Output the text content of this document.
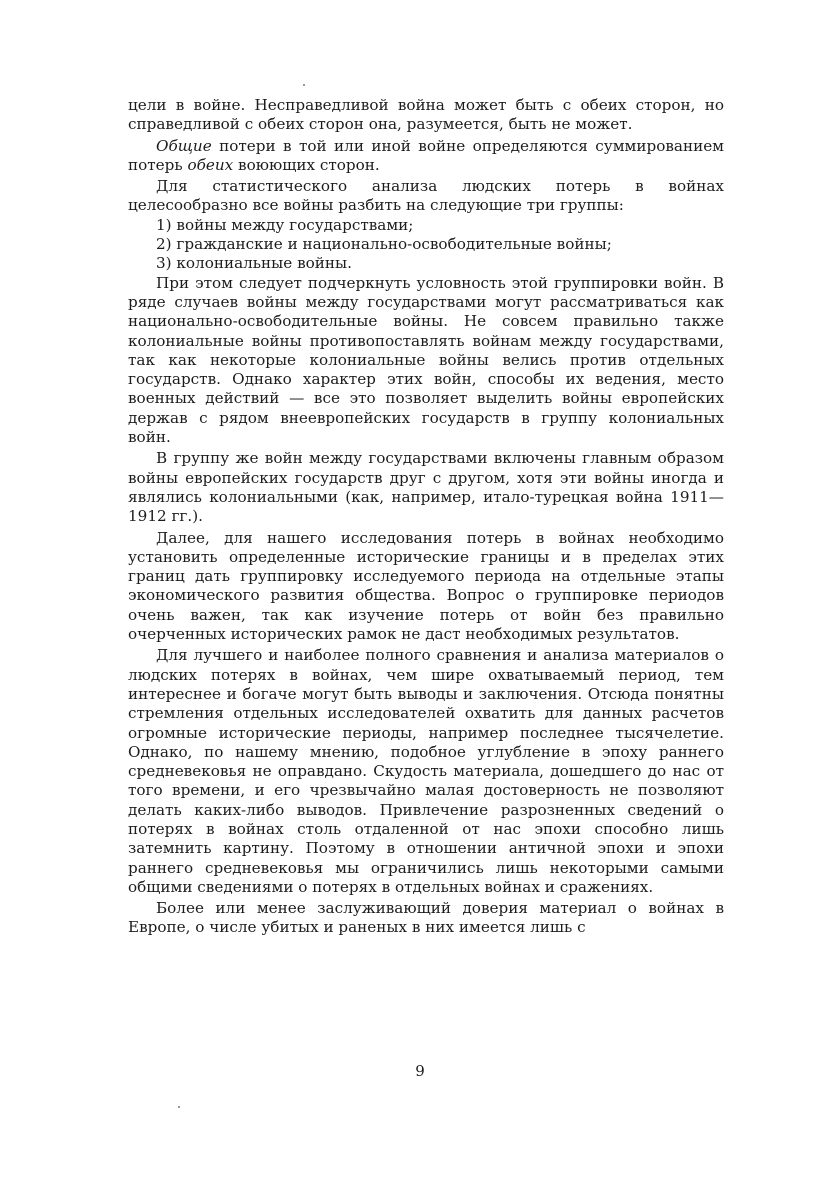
цели в войне. Несправедливой война может быть с обеих сторон, но справедливой с обеих сторон она, разумеется, быть не может.

Общие потери в той или иной войне определяются суммированием потерь обеих воюющих сторон.

Для статистического анализа людских потерь в войнах целесообразно все войны разбить на следующие три группы:

1) войны между государствами;

2) гражданские и национально-освободительные войны;

3) колониальные войны.

При этом следует подчеркнуть условность этой группировки войн. В ряде случаев войны между государствами могут рассматриваться как национально-освободительные войны. Не совсем правильно также колониальные войны противопоставлять войнам между государствами, так как некоторые колониальные войны велись против отдельных государств. Однако характер этих войн, способы их ведения, место военных действий — все это позволяет выделить войны европейских держав с рядом внеевропейских государств в группу колониальных войн.

В группу же войн между государствами включены главным образом войны европейских государств друг с другом, хотя эти войны иногда и являлись колониальными (как, например, итало-турецкая война 1911—1912 гг.).

Далее, для нашего исследования потерь в войнах необходимо установить определенные исторические границы и в пределах этих границ дать группировку исследуемого периода на отдельные этапы экономического развития общества. Вопрос о группировке периодов очень важен, так как изучение потерь от войн без правильно очерченных исторических рамок не даст необходимых результатов.

Для лучшего и наиболее полного сравнения и анализа материалов о людских потерях в войнах, чем шире охватываемый период, тем интереснее и богаче могут быть выводы и заключения. Отсюда понятны стремления отдельных исследователей охватить для данных расчетов огромные исторические периоды, например последнее тысячелетие. Однако, по нашему мнению, подобное углубление в эпоху раннего средневековья не оправдано. Скудость материала, дошедшего до нас от того времени, и его чрезвычайно малая достоверность не позволяют делать каких-либо выводов. Привлечение разрозненных сведений о потерях в войнах столь отдаленной от нас эпохи способно лишь затемнить картину. Поэтому в отношении античной эпохи и эпохи раннего средневековья мы ограничились лишь некоторыми самыми общими сведениями о потерях в отдельных войнах и сражениях.

Более или менее заслуживающий доверия материал о войнах в Европе, о числе убитых и раненых в них имеется лишь с

9
